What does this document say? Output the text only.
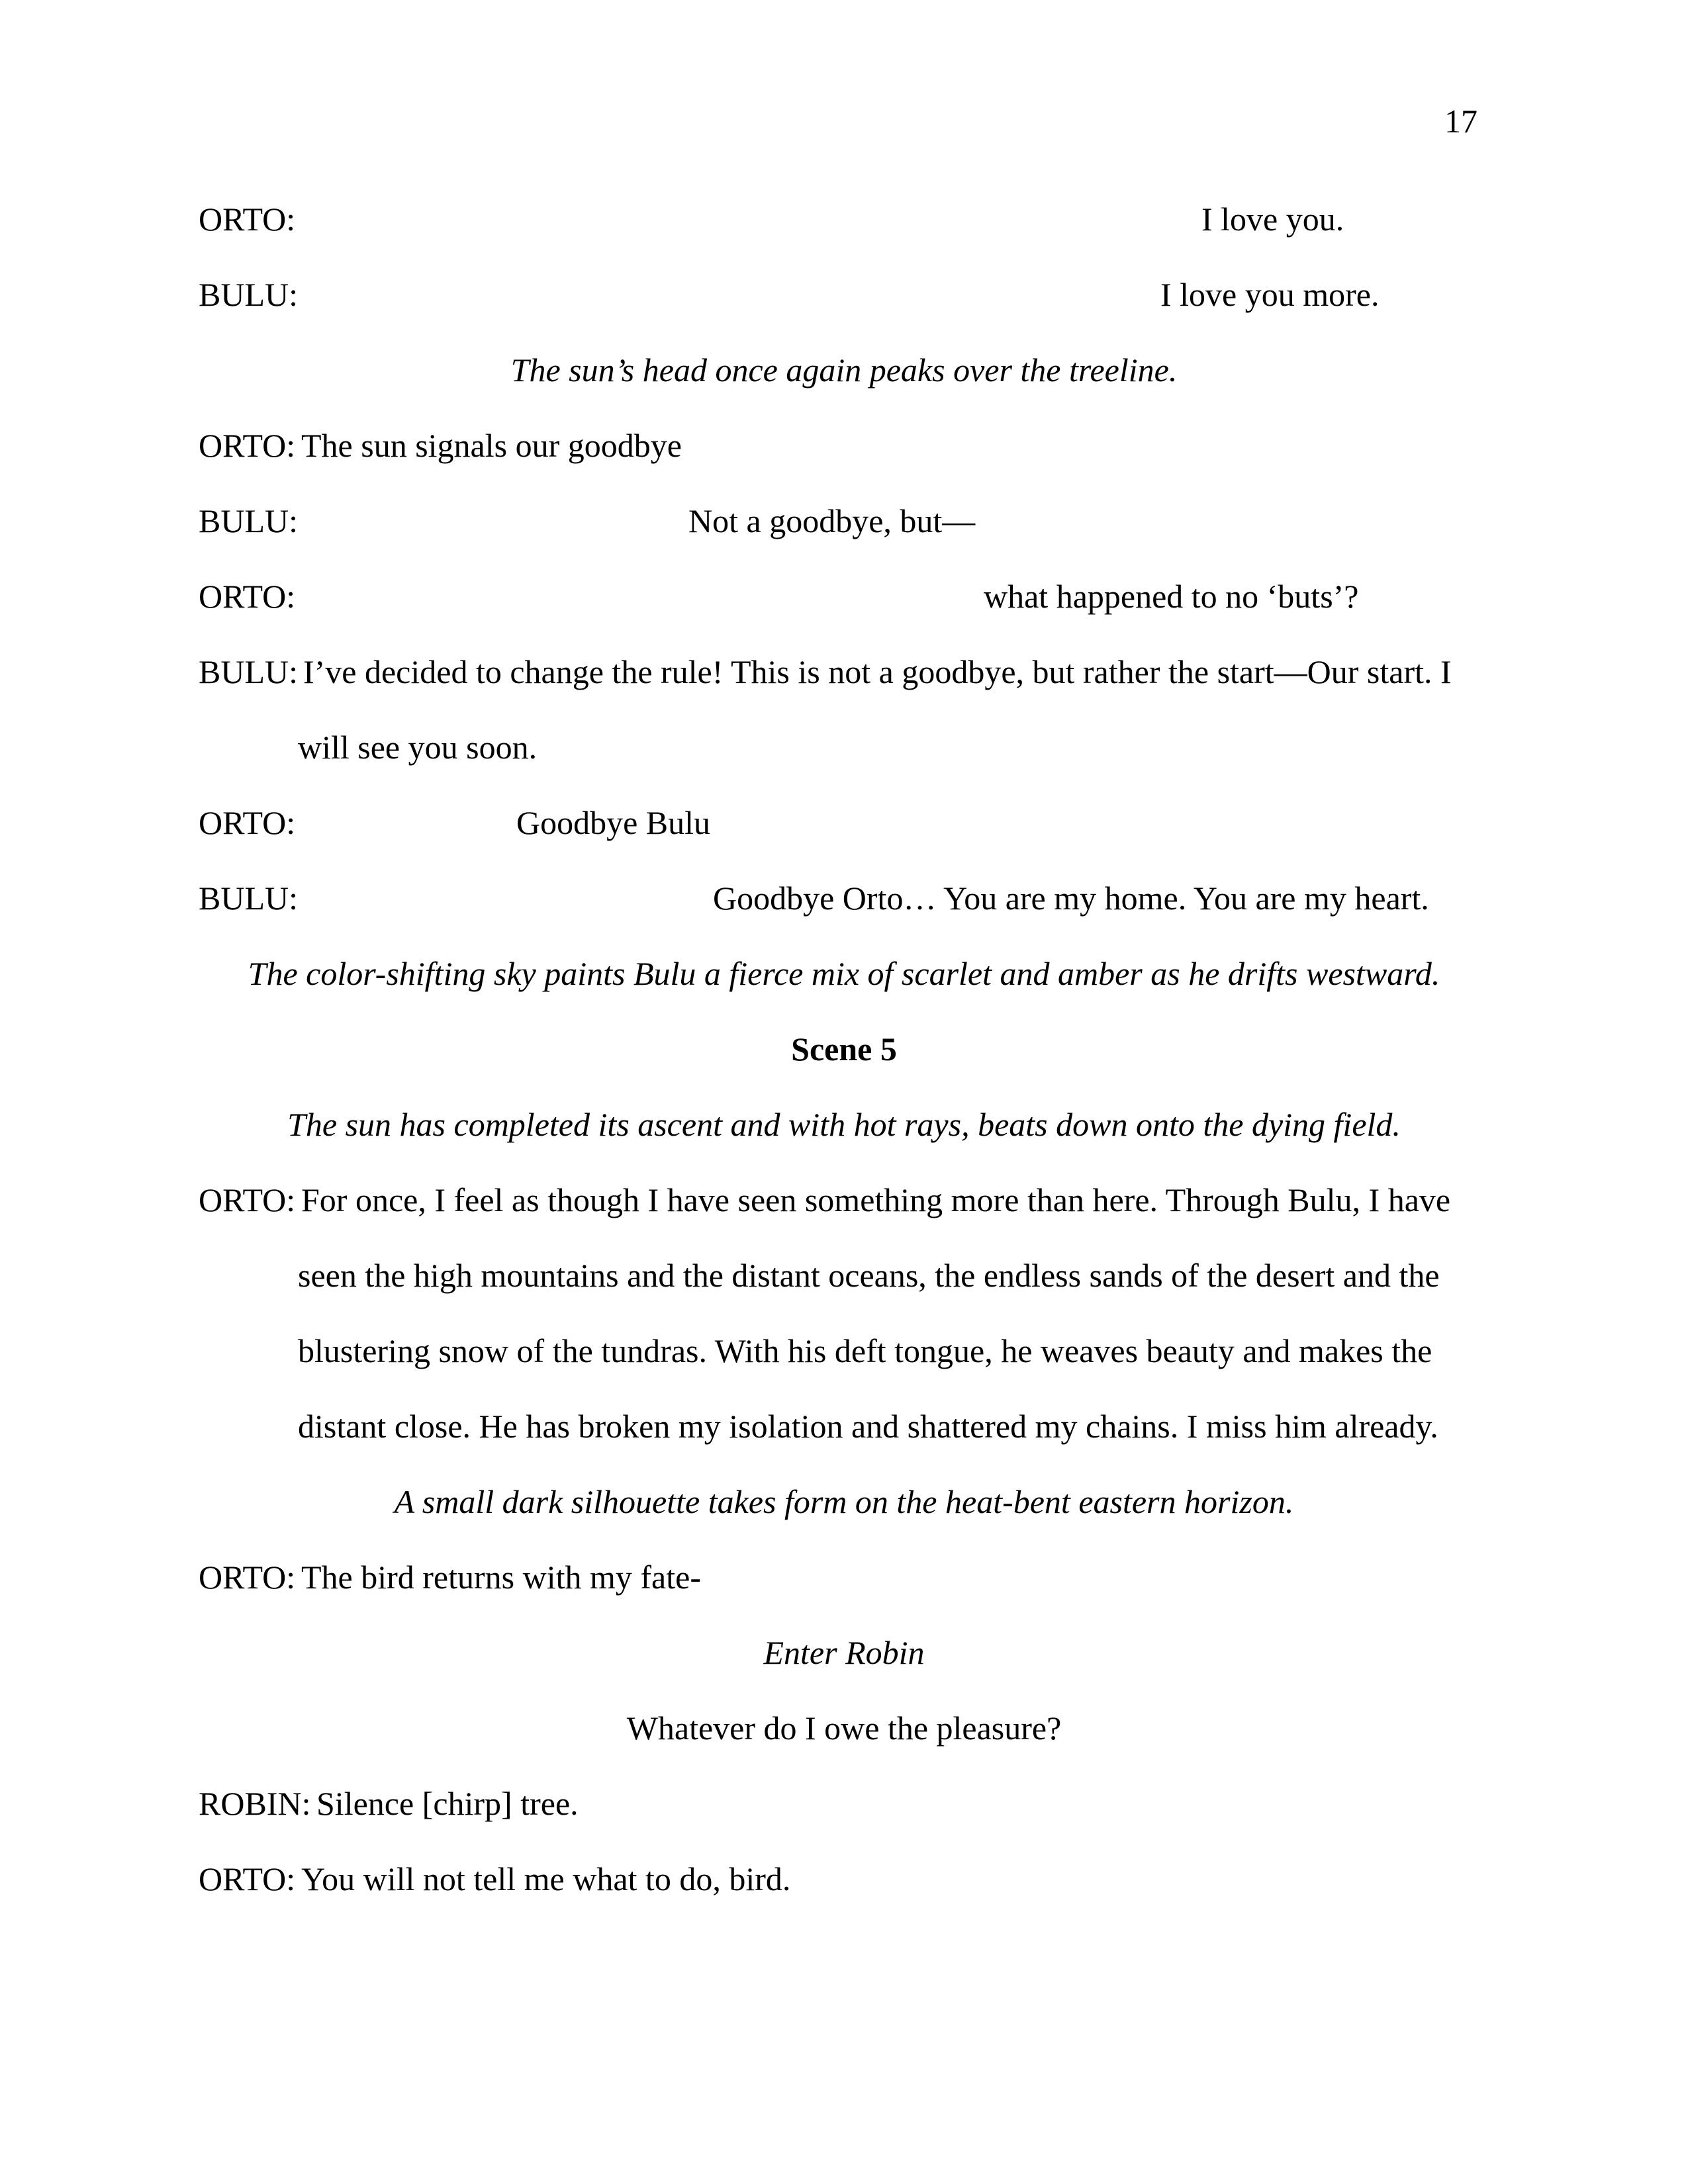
17
ORTO:	I love you.
BULU:	I love you more.
The sun’s head once again peaks over the treeline.
ORTO: The sun signals our goodbye
BULU:	Not a goodbye, but—
ORTO:	what happened to no ‘buts’?
BULU: I’ve decided to change the rule! This is not a goodbye, but rather the start—Our start. I
will see you soon.
ORTO:	Goodbye Bulu
BULU:	Goodbye Orto… You are my home. You are my heart.
The color-shifting sky paints Bulu a fierce mix of scarlet and amber as he drifts westward.
Scene 5
The sun has completed its ascent and with hot rays, beats down onto the dying field.
ORTO: For once, I feel as though I have seen something more than here. Through Bulu, I have
seen the high mountains and the distant oceans, the endless sands of the desert and the
blustering snow of the tundras. With his deft tongue, he weaves beauty and makes the
distant close. He has broken my isolation and shattered my chains. I miss him already.
A small dark silhouette takes form on the heat-bent eastern horizon.
ORTO: The bird returns with my fate-
Enter Robin
Whatever do I owe the pleasure?
ROBIN: Silence [chirp] tree.
ORTO: You will not tell me what to do, bird.
